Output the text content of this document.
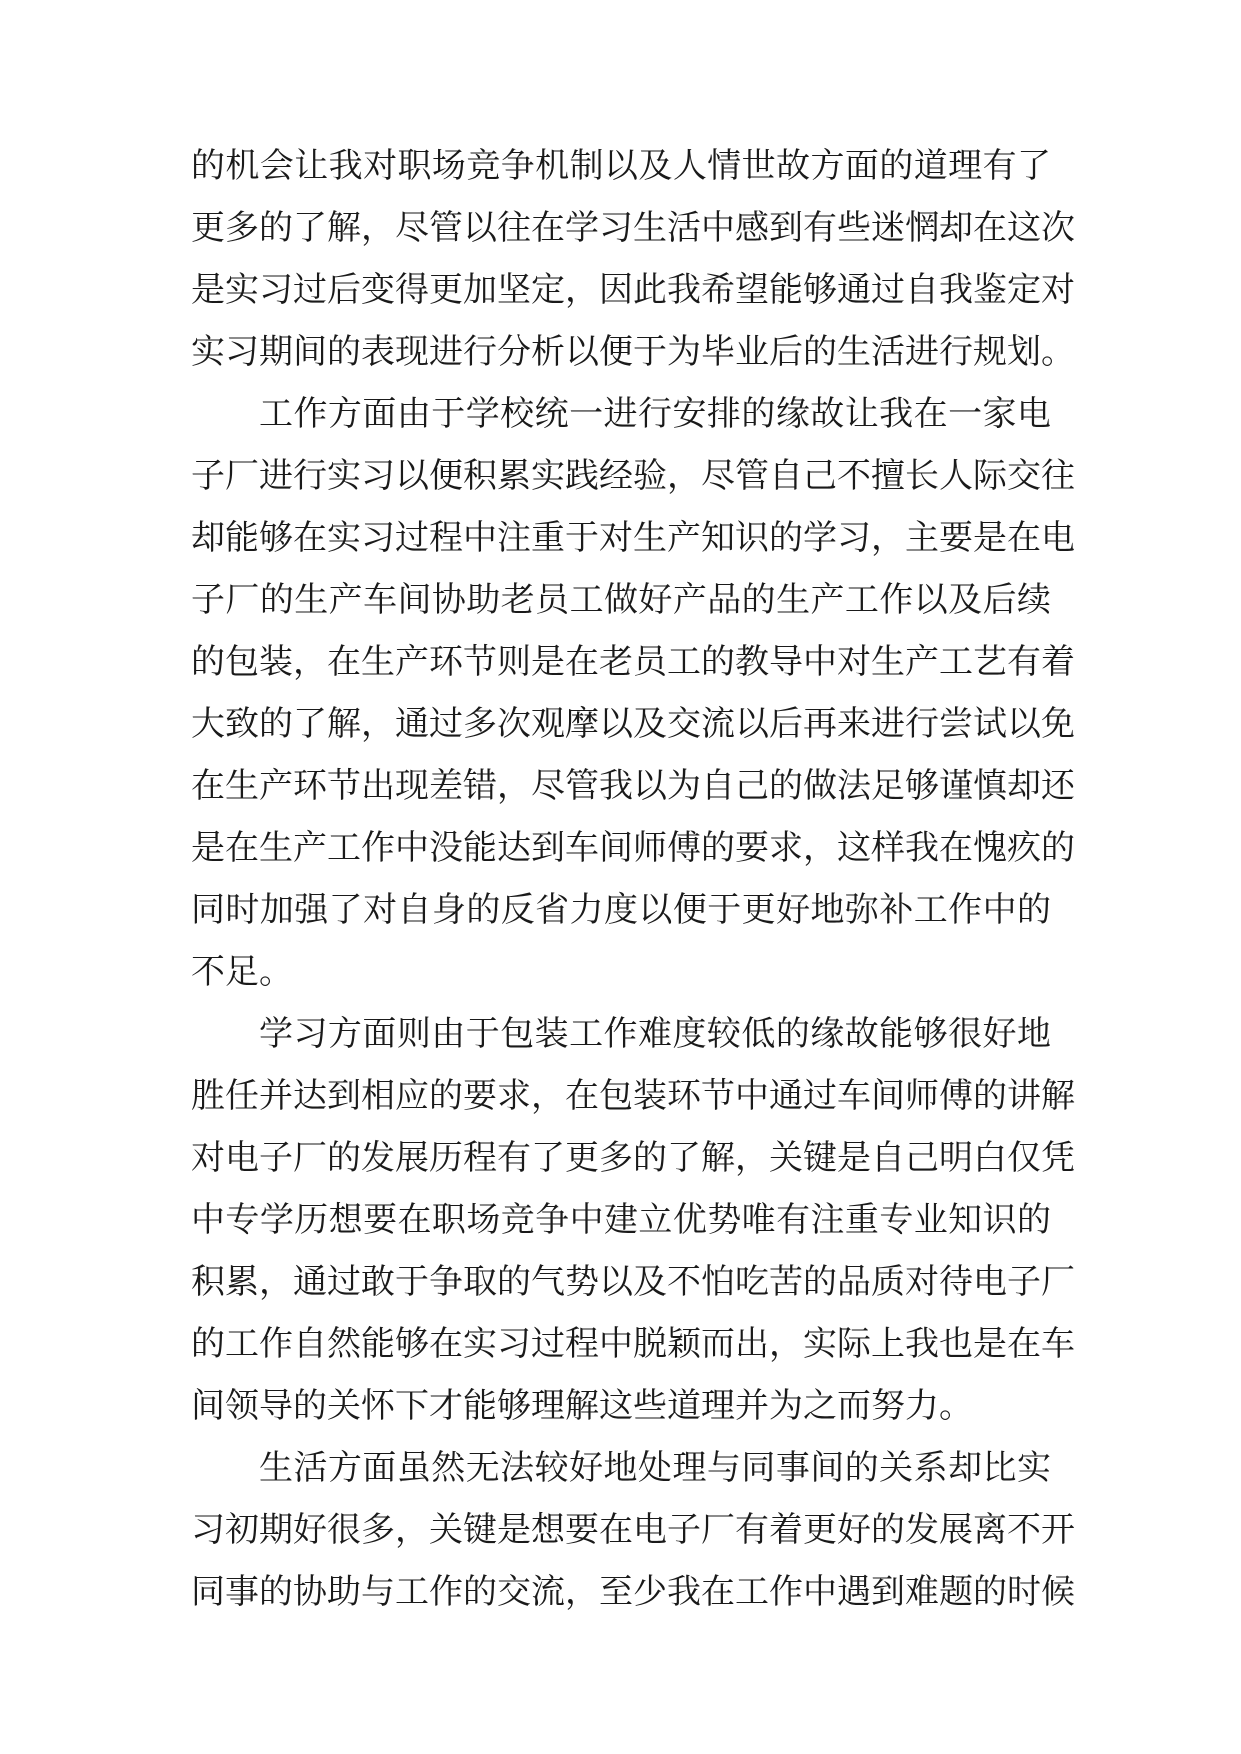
的机会让我对职场竞争机制以及人情世故方面的道理有了
更多的了解，尽管以往在学习生活中感到有些迷惘却在这次
是实习过后变得更加坚定，因此我希望能够通过自我鉴定对
实习期间的表现进行分析以便于为毕业后的生活进行规划。
工作方面由于学校统一进行安排的缘故让我在一家电
子厂进行实习以便积累实践经验，尽管自己不擅长人际交往
却能够在实习过程中注重于对生产知识的学习，主要是在电
子厂的生产车间协助老员工做好产品的生产工作以及后续
的包装，在生产环节则是在老员工的教导中对生产工艺有着
大致的了解，通过多次观摩以及交流以后再来进行尝试以免
在生产环节出现差错，尽管我以为自己的做法足够谨慎却还
是在生产工作中没能达到车间师傅的要求，这样我在愧疚的
同时加强了对自身的反省力度以便于更好地弥补工作中的
不足。
学习方面则由于包装工作难度较低的缘故能够很好地
胜任并达到相应的要求，在包装环节中通过车间师傅的讲解
对电子厂的发展历程有了更多的了解，关键是自己明白仅凭
中专学历想要在职场竞争中建立优势唯有注重专业知识的
积累，通过敢于争取的气势以及不怕吃苦的品质对待电子厂
的工作自然能够在实习过程中脱颖而出，实际上我也是在车
间领导的关怀下才能够理解这些道理并为之而努力。
生活方面虽然无法较好地处理与同事间的关系却比实
习初期好很多，关键是想要在电子厂有着更好的发展离不开
同事的协助与工作的交流，至少我在工作中遇到难题的时候
